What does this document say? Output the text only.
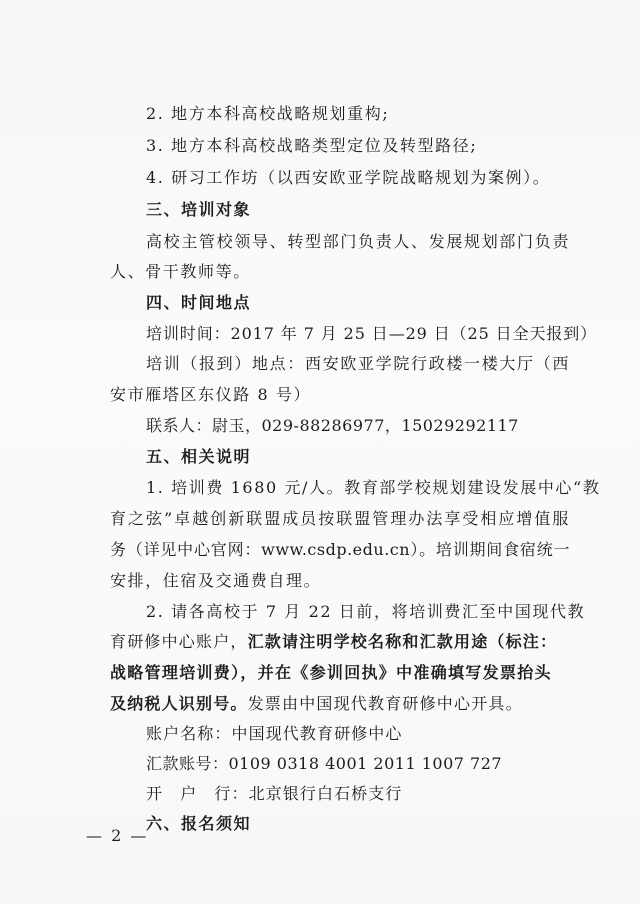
2. 地方本科高校战略规划重构;
3. 地方本科高校战略类型定位及转型路径;
4. 研习工作坊（以西安欧亚学院战略规划为案例）。
三、培训对象
高校主管校领导、转型部门负责人、发展规划部门负责
人、骨干教师等。
四、时间地点
培训时间：2017 年 7 月 25 日—29 日（25 日全天报到）
培训（报到）地点：西安欧亚学院行政楼一楼大厅（西
安市雁塔区东仪路 8 号）
联系人：尉玉，029-88286977，15029292117
五、相关说明
1. 培训费 1680 元/人。教育部学校规划建设发展中心“教
育之弦”卓越创新联盟成员按联盟管理办法享受相应增值服
务（详见中心官网：www.csdp.edu.cn）。培训期间食宿统一
安排，住宿及交通费自理。
2. 请各高校于 7 月 22 日前，将培训费汇至中国现代教
育研修中心账户，汇款请注明学校名称和汇款用途（标注：
战略管理培训费），并在《参训回执》中准确填写发票抬头
及纳税人识别号。发票由中国现代教育研修中心开具。
账户名称：中国现代教育研修中心
汇款账号：0109 0318 4001 2011 1007 727
开　户　行：北京银行白石桥支行
六、报名须知
— 2 —
